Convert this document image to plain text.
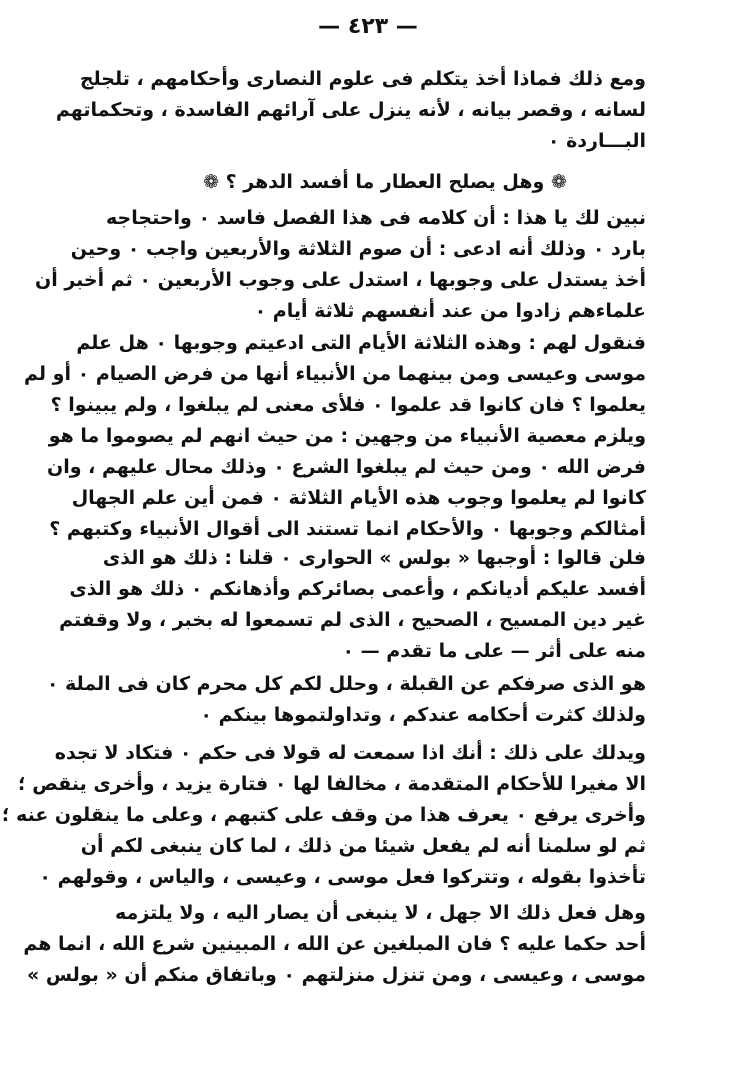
— ٤٢٣ —
ومع ذلك فماذا أخذ يتكلم فى علوم النصارى وأحكامهم ، تلجلج
لسانه ، وقصر بيانه ، لأنه ينزل على آرائهم الفاسدة ، وتحكماتهم
البـــاردة ٠
❁ وهل يصلح العطار ما أفسد الدهر ؟ ❁
نبين لك يا هذا : أن كلامه فى هذا الفصل فاسد ٠ واحتجاجه
بارد ٠ وذلك أنه ادعى : أن صوم الثلاثة والأربعين واجب ٠ وحين
أخذ يستدل على وجوبها ، استدل على وجوب الأربعين ٠ ثم أخبر أن
علماءهم زادوا من عند أنفسهم ثلاثة أيام ٠
فنقول لهم : وهذه الثلاثة الأيام التى ادعيتم وجوبها ٠ هل علم
موسى وعيسى ومن بينهما من الأنبياء أنها من فرض الصيام ٠ أو لم
يعلموا ؟ فان كانوا قد علموا ٠ فلأى معنى لم يبلغوا ، ولم يبينوا ؟
ويلزم معصية الأنبياء من وجهين : من حيث انهم لم يصوموا ما هو
فرض الله ٠ ومن حيث لم يبلغوا الشرع ٠ وذلك محال عليهم ، وان
كانوا لم يعلموا وجوب هذه الأيام الثلاثة ٠ فمن أين علم الجهال
أمثالكم وجوبها ٠ والأحكام انما تستند الى أقوال الأنبياء وكتبهم ؟
فلن قالوا : أوجبها « بولس » الحوارى ٠ قلنا : ذلك هو الذى
أفسد عليكم أديانكم ، وأعمى بصائركم وأذهانكم ٠ ذلك هو الذى
غير دين المسيح ، الصحيح ، الذى لم تسمعوا له بخبر ، ولا وقفتم
منه على أثر — على ما تقدم — ٠
هو الذى صرفكم عن القبلة ، وحلل لكم كل محرم كان فى الملة ٠
ولذلك كثرت أحكامه عندكم ، وتداولتموها بينكم ٠
ويدلك على ذلك : أنك اذا سمعت له قولا فى حكم ٠ فتكاد لا تجده
الا مغيرا للأحكام المتقدمة ، مخالفا لها ٠ فتارة يزيد ، وأخرى ينقص ؛
وأخرى يرفع ٠ يعرف هذا من وقف على كتبهم ، وعلى ما ينقلون عنه ؛
ثم لو سلمنا أنه لم يفعل شيئا من ذلك ، لما كان ينبغى لكم أن
تأخذوا بقوله ، وتتركوا فعل موسى ، وعيسى ، والياس ، وقولهم ٠
وهل فعل ذلك الا جهل ، لا ينبغى أن يصار اليه ، ولا يلتزمه
أحد حكما عليه ؟ فان المبلغين عن الله ، المبينين شرع الله ، انما هم
موسى ، وعيسى ، ومن تنزل منزلتهم ٠ وباتفاق منكم أن « بولس »
